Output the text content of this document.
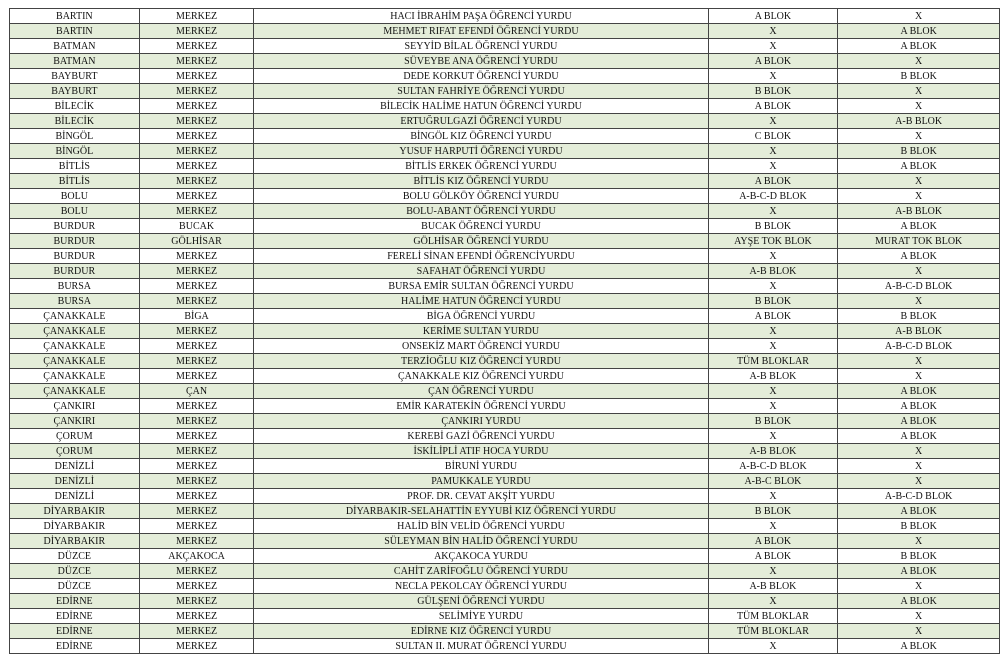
BARTIN	MERKEZ	HACI İBRAHİM PAŞA ÖĞRENCİ YURDU	A BLOK	X
BARTIN	MERKEZ	MEHMET RIFAT EFENDİ ÖĞRENCİ YURDU	X	A BLOK
BATMAN	MERKEZ	SEYYİD BİLAL ÖĞRENCİ YURDU	X	A BLOK
BATMAN	MERKEZ	SÜVEYBE ANA ÖĞRENCİ YURDU	A BLOK	X
BAYBURT	MERKEZ	DEDE KORKUT ÖĞRENCİ YURDU	X	B BLOK
BAYBURT	MERKEZ	SULTAN FAHRİYE ÖĞRENCİ YURDU	B BLOK	X
BİLECİK	MERKEZ	BİLECİK HALİME HATUN ÖĞRENCİ YURDU	A BLOK	X
BİLECİK	MERKEZ	ERTUĞRULGAZİ ÖĞRENCİ YURDU	X	A-B BLOK
BİNGÖL	MERKEZ	BİNGÖL KIZ ÖĞRENCİ YURDU	C BLOK	X
BİNGÖL	MERKEZ	YUSUF HARPUTİ ÖĞRENCİ YURDU	X	B BLOK
BİTLİS	MERKEZ	BİTLİS ERKEK ÖĞRENCİ YURDU	X	A BLOK
BİTLİS	MERKEZ	BİTLİS KIZ ÖĞRENCİ YURDU	A BLOK	X
BOLU	MERKEZ	BOLU GÖLKÖY ÖĞRENCİ YURDU	A-B-C-D BLOK	X
BOLU	MERKEZ	BOLU-ABANT ÖĞRENCİ YURDU	X	A-B BLOK
BURDUR	BUCAK	BUCAK ÖĞRENCİ YURDU	B BLOK	A BLOK
BURDUR	GÖLHİSAR	GÖLHİSAR ÖĞRENCİ YURDU	AYŞE TOK BLOK	MURAT TOK BLOK
BURDUR	MERKEZ	FERELİ SİNAN EFENDİ ÖĞRENCİYURDU	X	A BLOK
BURDUR	MERKEZ	SAFAHAT ÖĞRENCİ YURDU	A-B BLOK	X
BURSA	MERKEZ	BURSA EMİR SULTAN ÖĞRENCİ YURDU	X	A-B-C-D BLOK
BURSA	MERKEZ	HALİME HATUN ÖĞRENCİ YURDU	B BLOK	X
ÇANAKKALE	BİGA	BİGA ÖĞRENCİ YURDU	A BLOK	B BLOK
ÇANAKKALE	MERKEZ	KERİME SULTAN YURDU	X	A-B BLOK
ÇANAKKALE	MERKEZ	ONSEKİZ MART ÖĞRENCİ YURDU	X	A-B-C-D BLOK
ÇANAKKALE	MERKEZ	TERZİOĞLU KIZ ÖĞRENCİ YURDU	TÜM BLOKLAR	X
ÇANAKKALE	MERKEZ	ÇANAKKALE KIZ ÖĞRENCİ YURDU	A-B BLOK	X
ÇANAKKALE	ÇAN	ÇAN ÖĞRENCİ YURDU	X	A BLOK
ÇANKIRI	MERKEZ	EMİR KARATEKİN ÖĞRENCİ YURDU	X	A BLOK
ÇANKIRI	MERKEZ	ÇANKIRI YURDU	B BLOK	A BLOK
ÇORUM	MERKEZ	KEREBİ GAZİ ÖĞRENCİ YURDU	X	A BLOK
ÇORUM	MERKEZ	İSKİLİPLİ ATIF HOCA YURDU	A-B BLOK	X
DENİZLİ	MERKEZ	BİRUNİ YURDU	A-B-C-D BLOK	X
DENİZLİ	MERKEZ	PAMUKKALE YURDU	A-B-C BLOK	X
DENİZLİ	MERKEZ	PROF. DR. CEVAT AKŞİT YURDU	X	A-B-C-D BLOK
DİYARBAKIR	MERKEZ	DİYARBAKIR-SELAHATTİN EYYUBİ KIZ ÖĞRENCİ YURDU	B BLOK	A BLOK
DİYARBAKIR	MERKEZ	HALİD BİN VELİD ÖĞRENCİ YURDU	X	B BLOK
DİYARBAKIR	MERKEZ	SÜLEYMAN BİN HALİD ÖĞRENCİ YURDU	A BLOK	X
DÜZCE	AKÇAKOCA	AKÇAKOCA YURDU	A BLOK	B BLOK
DÜZCE	MERKEZ	CAHİT ZARİFOĞLU ÖĞRENCİ YURDU	X	A BLOK
DÜZCE	MERKEZ	NECLA PEKOLCAY ÖĞRENCİ YURDU	A-B BLOK	X
EDİRNE	MERKEZ	GÜLŞENİ ÖĞRENCİ YURDU	X	A BLOK
EDİRNE	MERKEZ	SELİMİYE YURDU	TÜM BLOKLAR	X
EDİRNE	MERKEZ	EDİRNE KIZ ÖĞRENCİ YURDU	TÜM BLOKLAR	X
EDİRNE	MERKEZ	SULTAN II. MURAT ÖĞRENCİ YURDU	X	A BLOK
